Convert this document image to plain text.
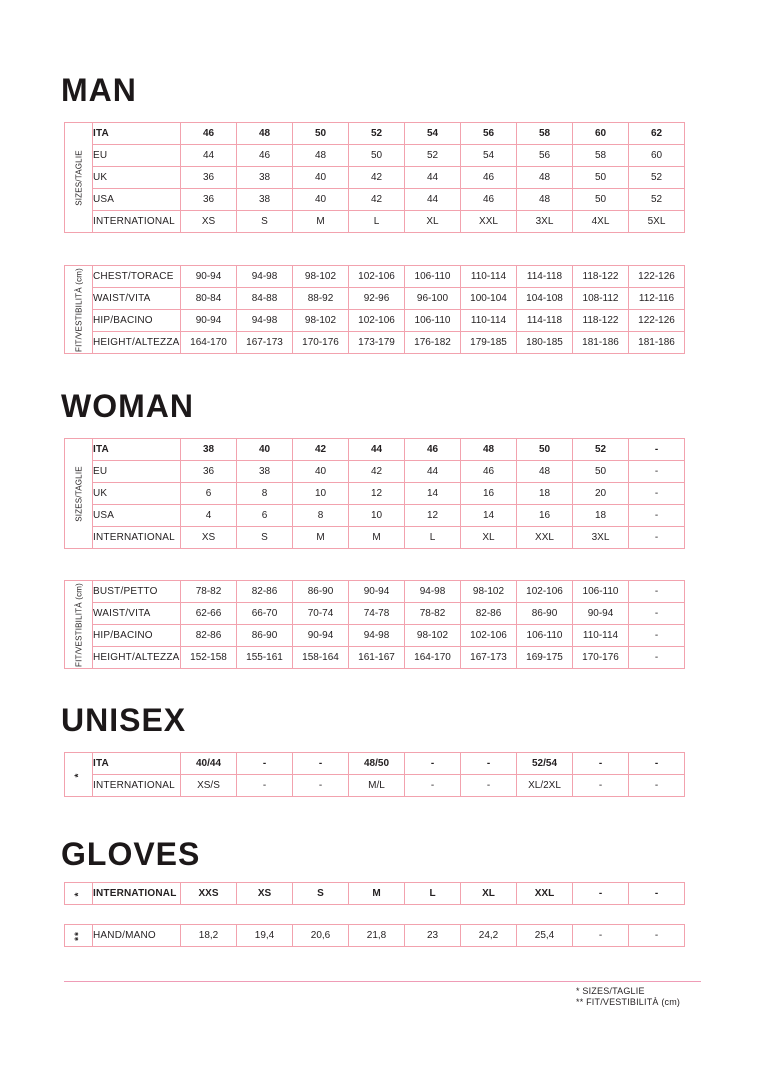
MAN
SIZES/TAGLIE	ITA	46	48	50	52	54	56	58	60	62
	EU	44	46	48	50	52	54	56	58	60
	UK	36	38	40	42	44	46	48	50	52
	USA	36	38	40	42	44	46	48	50	52
	INTERNATIONAL	XS	S	M	L	XL	XXL	3XL	4XL	5XL
FIT/VESTIBILITÀ (cm)	CHEST/TORACE	90-94	94-98	98-102	102-106	106-110	110-114	114-118	118-122	122-126
	WAIST/VITA	80-84	84-88	88-92	92-96	96-100	100-104	104-108	108-112	112-116
	HIP/BACINO	90-94	94-98	98-102	102-106	106-110	110-114	114-118	118-122	122-126
	HEIGHT/ALTEZZA	164-170	167-173	170-176	173-179	176-182	179-185	180-185	181-186	181-186
WOMAN
SIZES/TAGLIE	ITA	38	40	42	44	46	48	50	52	-
	EU	36	38	40	42	44	46	48	50	-
	UK	6	8	10	12	14	16	18	20	-
	USA	4	6	8	10	12	14	16	18	-
	INTERNATIONAL	XS	S	M	M	L	XL	XXL	3XL	-
FIT/VESTIBILITÀ (cm)	BUST/PETTO	78-82	82-86	86-90	90-94	94-98	98-102	102-106	106-110	-
	WAIST/VITA	62-66	66-70	70-74	74-78	78-82	82-86	86-90	90-94	-
	HIP/BACINO	82-86	86-90	90-94	94-98	98-102	102-106	106-110	110-114	-
	HEIGHT/ALTEZZA	152-158	155-161	158-164	161-167	164-170	167-173	169-175	170-176	-
UNISEX
*	ITA	40/44	-	-	48/50	-	-	52/54	-	-
	INTERNATIONAL	XS/S	-	-	M/L	-	-	XL/2XL	-	-
GLOVES
*	INTERNATIONAL	XXS	XS	S	M	L	XL	XXL	-	-
**	HAND/MANO	18,2	19,4	20,6	21,8	23	24,2	25,4	-	-
* SIZES/TAGLIE
** FIT/VESTIBILITÀ (cm)
